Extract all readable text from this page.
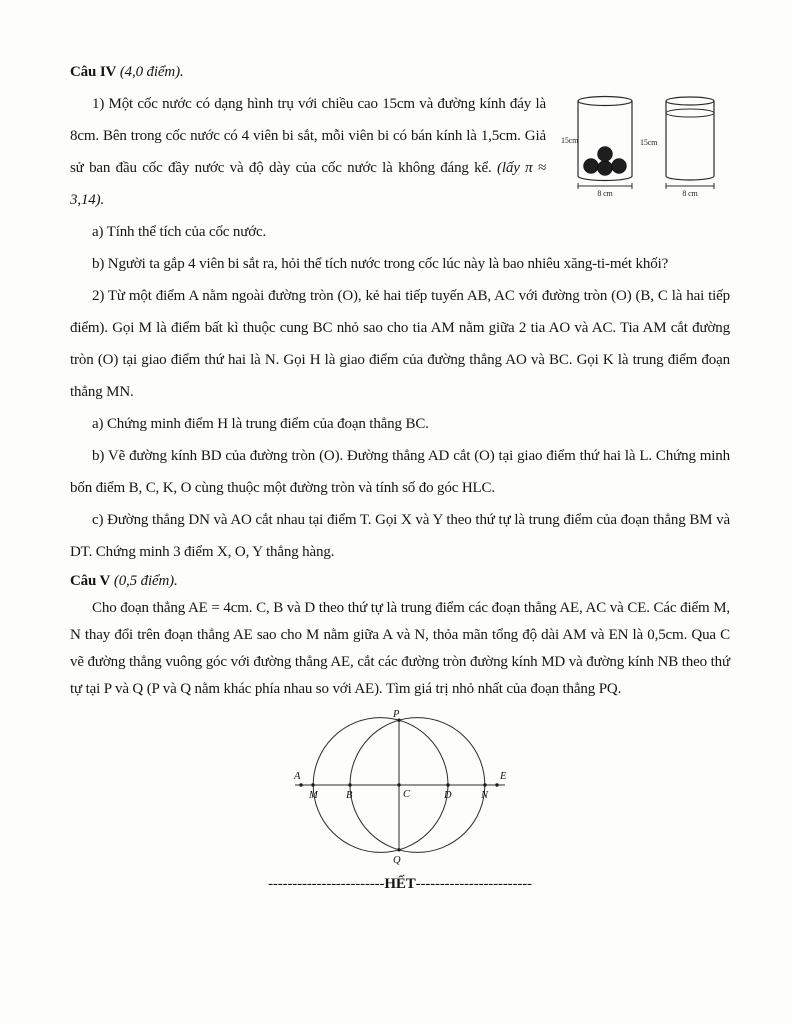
Câu IV (4,0 điểm).

8 cm
15cm
8 cm
15cm

1) Một cốc nước có dạng hình trụ với chiều cao 15cm và đường kính đáy là 8cm. Bên trong cốc nước có 4 viên bi sắt, mỗi viên bi có bán kính là 1,5cm. Giả sử ban đầu cốc đầy nước và độ dày của cốc nước là không đáng kể. (lấy π ≈ 3,14).

a) Tính thể tích của cốc nước.

b) Người ta gắp 4 viên bi sắt ra, hỏi thể tích nước trong cốc lúc này là bao nhiêu xăng-ti-mét khối?

2) Từ một điểm A nằm ngoài đường tròn (O), kẻ hai tiếp tuyến AB, AC với đường tròn (O) (B, C là hai tiếp điểm). Gọi M là điểm bất kì thuộc cung BC nhỏ sao cho tia AM nằm giữa 2 tia AO và AC. Tia AM cắt đường tròn (O) tại giao điểm thứ hai là N. Gọi H là giao điểm của đường thẳng AO và BC. Gọi K là trung điểm đoạn thẳng MN.

a) Chứng minh điểm H là trung điểm của đoạn thẳng BC.

b) Vẽ đường kính BD của đường tròn (O). Đường thẳng AD cắt (O) tại giao điểm thứ hai là L. Chứng minh bốn điểm B, C, K, O cùng thuộc một đường tròn và tính số đo góc HLC.

c) Đường thẳng DN và AO cắt nhau tại điểm T. Gọi X và Y theo thứ tự là trung điểm của đoạn thẳng BM và DT. Chứng minh 3 điểm X, O, Y thẳng hàng.

Câu V (0,5 điểm).

Cho đoạn thẳng AE = 4cm. C, B và D theo thứ tự là trung điểm các đoạn thẳng AE, AC và CE. Các điểm M, N thay đổi trên đoạn thẳng AE sao cho M nằm giữa A và N, thỏa mãn tổng độ dài AM và EN là 0,5cm. Qua C vẽ đường thẳng vuông góc với đường thẳng AE, cắt các đường tròn đường kính MD và đường kính NB theo thứ tự tại P và Q (P và Q nằm khác phía nhau so với AE). Tìm giá trị nhỏ nhất của đoạn thẳng PQ.

P
A
M	B	C	D	N
E
Q

------------------------HẾT------------------------
